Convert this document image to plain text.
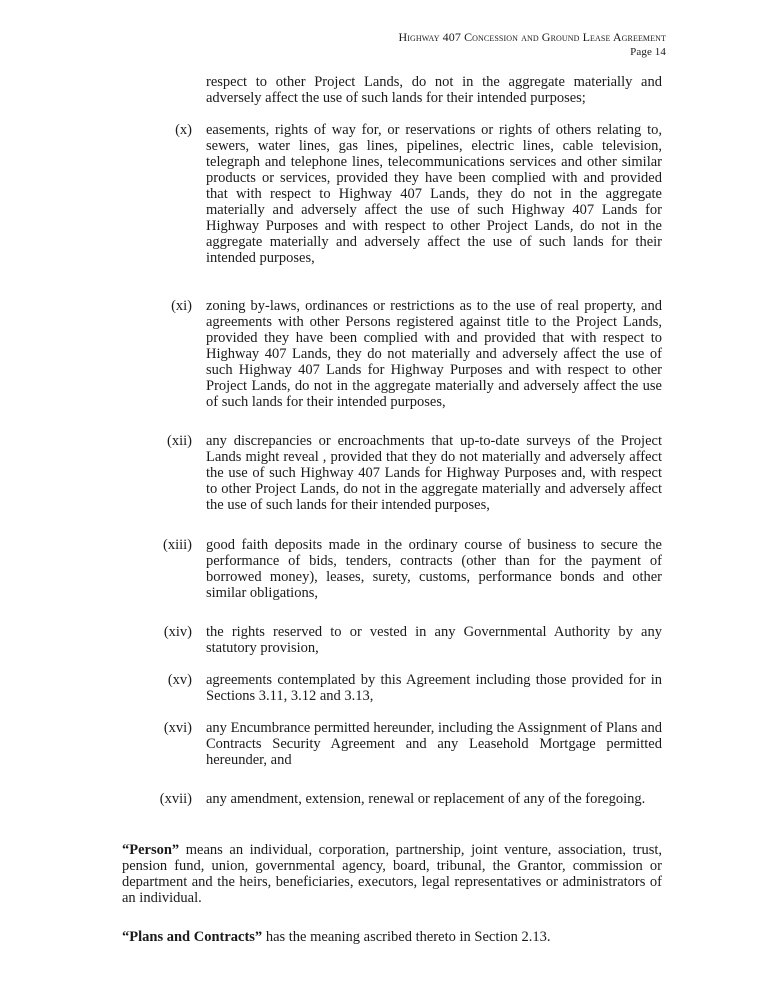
Highway 407 Concession and Ground Lease Agreement
Page 14
respect to other Project Lands, do not in the aggregate materially and adversely affect the use of such lands for their intended purposes;
(x) easements, rights of way for, or reservations or rights of others relating to, sewers, water lines, gas lines, pipelines, electric lines, cable television, telegraph and telephone lines, telecommunications services and other similar products or services, provided they have been complied with and provided that with respect to Highway 407 Lands, they do not in the aggregate materially and adversely affect the use of such Highway 407 Lands for Highway Purposes and with respect to other Project Lands, do not in the aggregate materially and adversely affect the use of such lands for their intended purposes,
(xi) zoning by-laws, ordinances or restrictions as to the use of real property, and agreements with other Persons registered against title to the Project Lands, provided they have been complied with and provided that with respect to Highway 407 Lands, they do not materially and adversely affect the use of such Highway 407 Lands for Highway Purposes and with respect to other Project Lands, do not in the aggregate materially and adversely affect the use of such lands for their intended purposes,
(xii) any discrepancies or encroachments that up-to-date surveys of the Project Lands might reveal , provided that they do not materially and adversely affect the use of such Highway 407 Lands for Highway Purposes and, with respect to other Project Lands, do not in the aggregate materially and adversely affect the use of such lands for their intended purposes,
(xiii) good faith deposits made in the ordinary course of business to secure the performance of bids, tenders, contracts (other than for the payment of borrowed money), leases, surety, customs, performance bonds and other similar obligations,
(xiv) the rights reserved to or vested in any Governmental Authority by any statutory provision,
(xv) agreements contemplated by this Agreement including those provided for in Sections 3.11, 3.12 and 3.13,
(xvi) any Encumbrance permitted hereunder, including the Assignment of Plans and Contracts Security Agreement and any Leasehold Mortgage permitted hereunder, and
(xvii) any amendment, extension, renewal or replacement of any of the foregoing.
“Person” means an individual, corporation, partnership, joint venture, association, trust, pension fund, union, governmental agency, board, tribunal, the Grantor, commission or department and the heirs, beneficiaries, executors, legal representatives or administrators of an individual.
“Plans and Contracts” has the meaning ascribed thereto in Section 2.13.
